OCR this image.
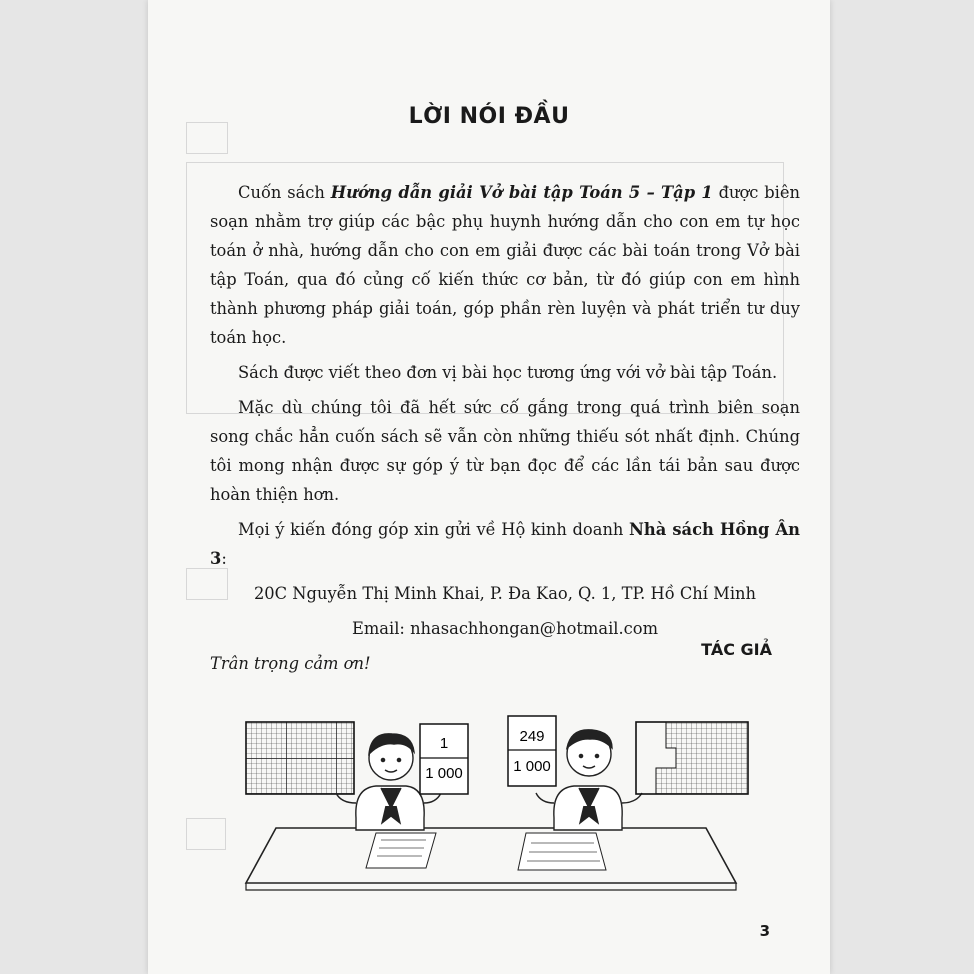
LỜI NÓI ĐẦU

Cuốn sách Hướng dẫn giải Vở bài tập Toán 5 – Tập 1 được biên soạn nhằm trợ giúp các bậc phụ huynh hướng dẫn cho con em tự học toán ở nhà, hướng dẫn cho con em giải được các bài toán trong Vở bài tập Toán, qua đó củng cố kiến thức cơ bản, từ đó giúp con em hình thành phương pháp giải toán, góp phần rèn luyện và phát triển tư duy toán học.

Sách được viết theo đơn vị bài học tương ứng với vở bài tập Toán.

Mặc dù chúng tôi đã hết sức cố gắng trong quá trình biên soạn song chắc hẳn cuốn sách sẽ vẫn còn những thiếu sót nhất định. Chúng tôi mong nhận được sự góp ý từ bạn đọc để các lần tái bản sau được hoàn thiện hơn.

Mọi ý kiến đóng góp xin gửi về Hộ kinh doanh Nhà sách Hồng Ân 3:

20C Nguyễn Thị Minh Khai, P. Đa Kao, Q. 1, TP. Hồ Chí Minh

Email: nhasachhongan@hotmail.com

Trân trọng cảm ơn!

TÁC GIẢ
1
1 000
249
1 000
3
